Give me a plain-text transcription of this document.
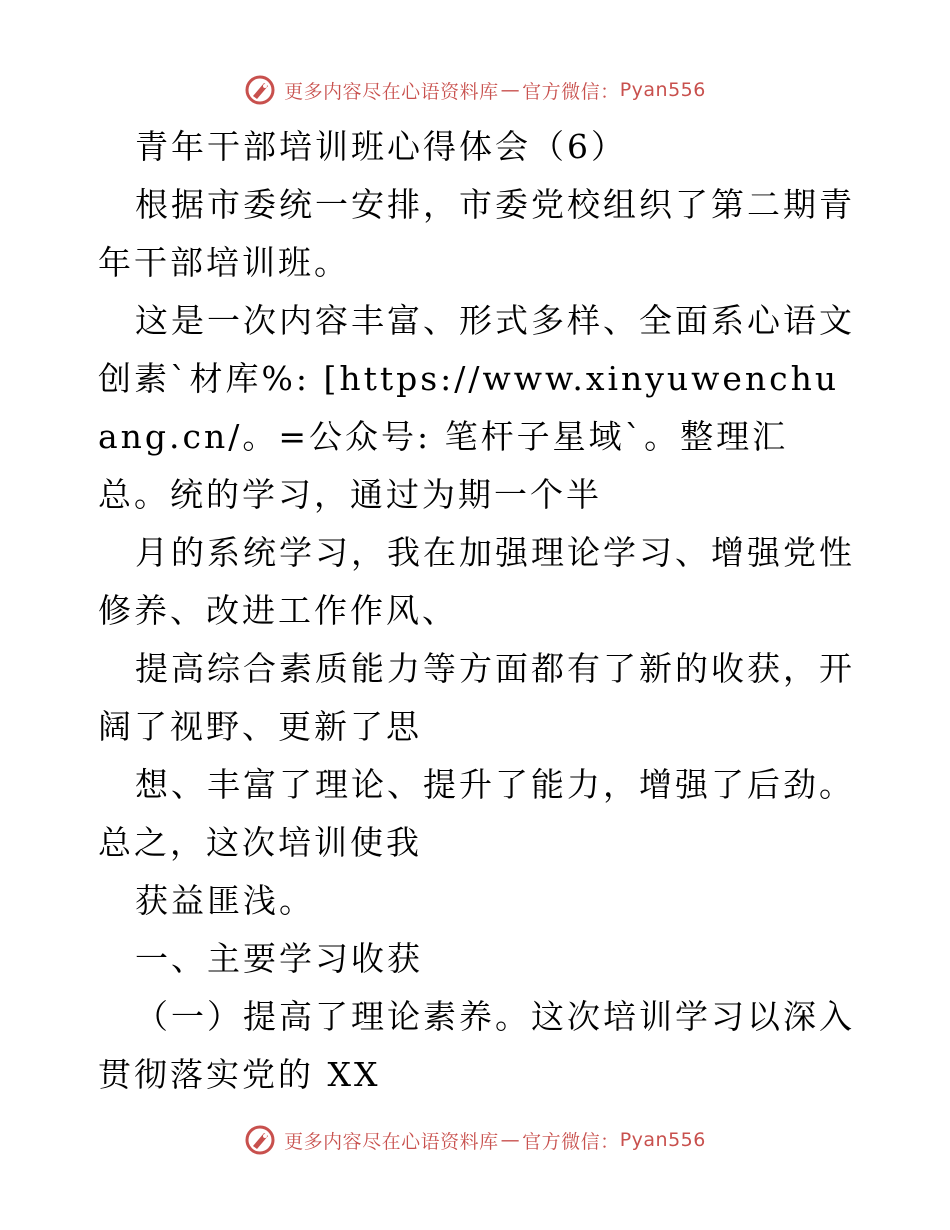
更多内容尽在心语资料库 — 官方微信： Pyan556

青年干部培训班心得体会（6）

根据市委统一安排，市委党校组织了第二期青年干部培训班。

这是一次内容丰富、形式多样、全面系心语文创素`材库%: [https://www.xinyuwenchuang.cn/。=公众号: 笔杆子星域`。整理汇总。统的学习，通过为期一个半

月的系统学习，我在加强理论学习、增强党性修养、改进工作作风、

提高综合素质能力等方面都有了新的收获，开阔了视野、更新了思

想、丰富了理论、提升了能力，增强了后劲。总之，这次培训使我

获益匪浅。

一、主要学习收获

（一）提高了理论素养。这次培训学习以深入贯彻落实党的 XX

更多内容尽在心语资料库 — 官方微信： Pyan556
